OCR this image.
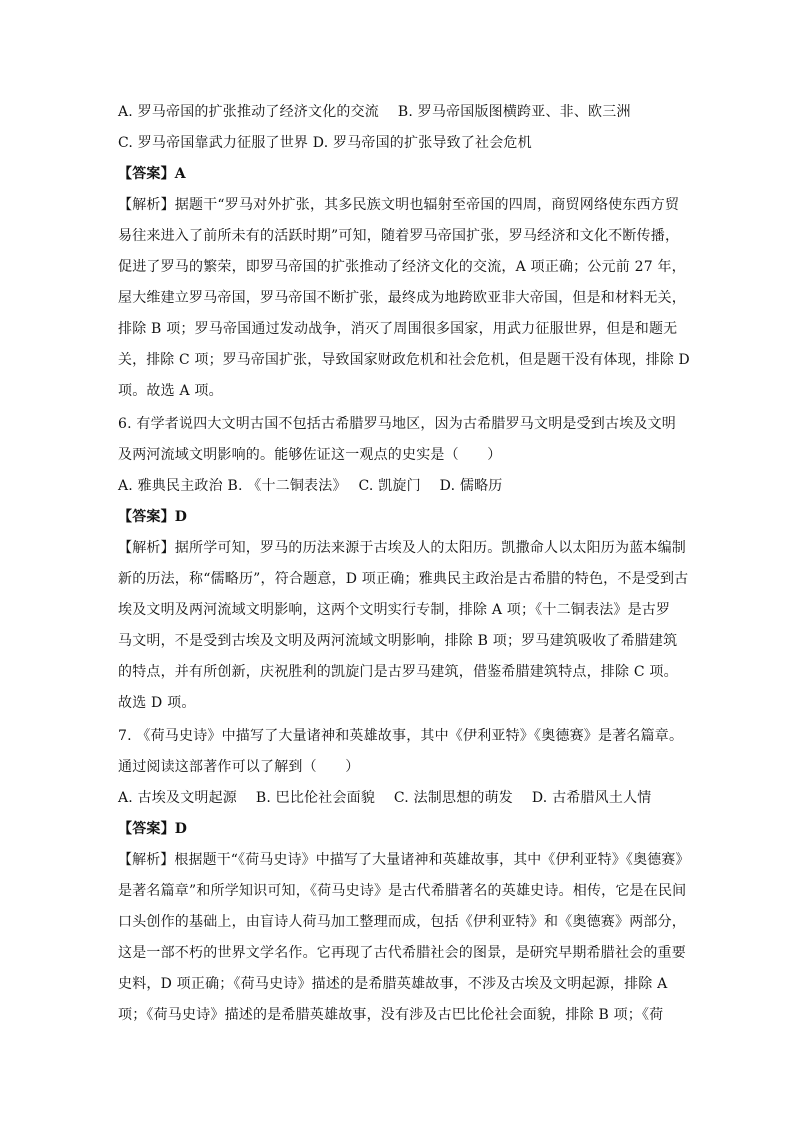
A. 罗马帝国的扩张推动了经济文化的交流　 B. 罗马帝国版图横跨亚、非、欧三洲
C. 罗马帝国靠武力征服了世界 D. 罗马帝国的扩张导致了社会危机
【答案】A
【解析】据题干“罗马对外扩张，其多民族文明也辐射至帝国的四周，商贸网络使东西方贸
易往来进入了前所未有的活跃时期”可知，随着罗马帝国扩张，罗马经济和文化不断传播，
促进了罗马的繁荣，即罗马帝国的扩张推动了经济文化的交流，A 项正确；公元前 27 年，
屋大维建立罗马帝国，罗马帝国不断扩张，最终成为地跨欧亚非大帝国，但是和材料无关，
排除 B 项；罗马帝国通过发动战争，消灭了周围很多国家，用武力征服世界，但是和题无
关，排除 C 项；罗马帝国扩张，导致国家财政危机和社会危机，但是题干没有体现，排除 D
项。故选 A 项。
6. 有学者说四大文明古国不包括古希腊罗马地区，因为古希腊罗马文明是受到古埃及文明
及两河流域文明影响的。能够佐证这一观点的史实是（　　）
A. 雅典民主政治 B. 《十二铜表法》　 C. 凯旋门　 D. 儒略历
【答案】D
【解析】据所学可知，罗马的历法来源于古埃及人的太阳历。凯撒命人以太阳历为蓝本编制
新的历法，称“儒略历”，符合题意，D 项正确；雅典民主政治是古希腊的特色，不是受到古
埃及文明及两河流域文明影响，这两个文明实行专制，排除 A 项；《十二铜表法》是古罗
马文明，不是受到古埃及文明及两河流域文明影响，排除 B 项；罗马建筑吸收了希腊建筑
的特点，并有所创新，庆祝胜利的凯旋门是古罗马建筑，借鉴希腊建筑特点，排除 C 项。
故选 D 项。
7. 《荷马史诗》中描写了大量诸神和英雄故事，其中《伊利亚特》《奥德赛》是著名篇章。
通过阅读这部著作可以了解到（　　）
A. 古埃及文明起源　 B. 巴比伦社会面貌　 C. 法制思想的萌发　 D. 古希腊风土人情
【答案】D
【解析】根据题干“《荷马史诗》中描写了大量诸神和英雄故事，其中《伊利亚特》《奥德赛》
是著名篇章”和所学知识可知，《荷马史诗》是古代希腊著名的英雄史诗。相传，它是在民间
口头创作的基础上，由盲诗人荷马加工整理而成，包括《伊利亚特》和《奥德赛》两部分，
这是一部不朽的世界文学名作。它再现了古代希腊社会的图景，是研究早期希腊社会的重要
史料，D 项正确；《荷马史诗》描述的是希腊英雄故事，不涉及古埃及文明起源，排除 A
项；《荷马史诗》描述的是希腊英雄故事，没有涉及古巴比伦社会面貌，排除 B 项；《荷
